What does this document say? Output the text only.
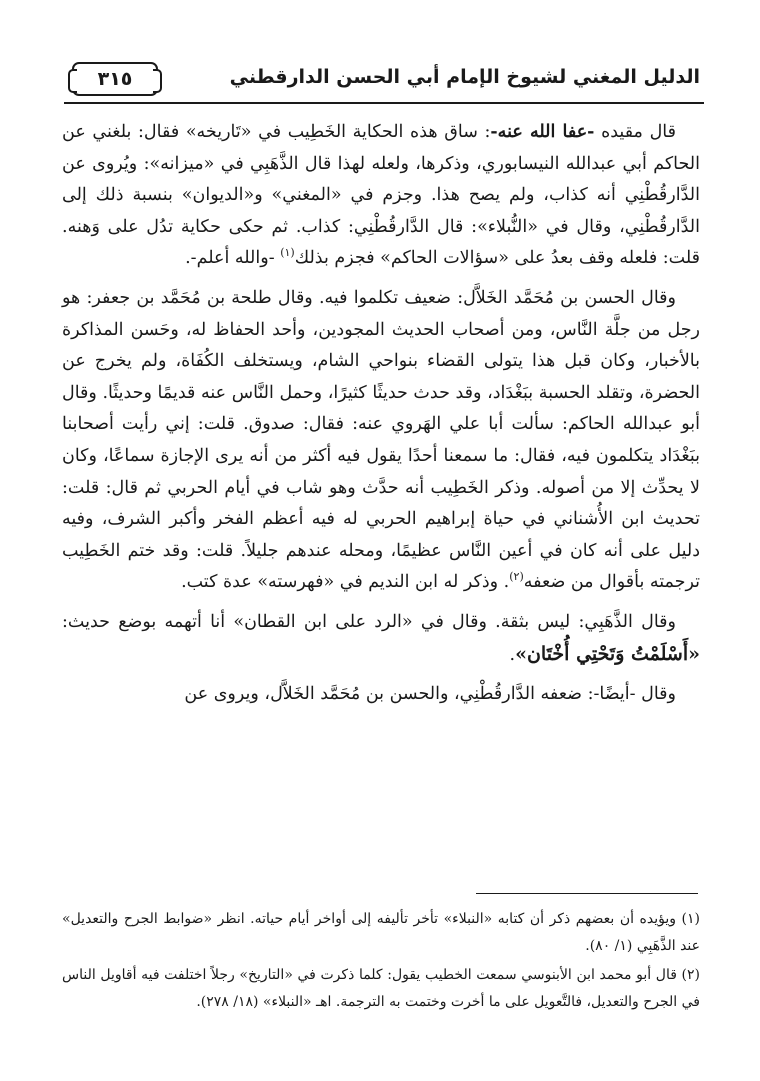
الدليل المغني لشيوخ الإمام أبي الحسن الدارقطني
٣١٥

قال مقيده -عفا الله عنه-: ساق هذه الحكاية الخَطِيب في «تَاريخه» فقال: بلغني عن الحاكم أبي عبدالله النيسابوري، وذكرها، ولعله لهذا قال الذَّهَبِي في «ميزانه»: ويُروى عن الدَّارقُطْنِي أنه كذاب، ولم يصح هذا. وجزم في «المغني» و«الديوان» بنسبة ذلك إلى الدَّارقُطْنِي، وقال في «النُّبلاء»: قال الدَّارقُطْنِي: كذاب. ثم حكى حكاية تدُل على وَهنه. قلت: فلعله وقف بعدُ على «سؤالات الحاكم» فجزم بذلك$^{(١)}$ -والله أعلم-.

وقال الحسن بن مُحَمَّد الخَلاَّل: ضعيف تكلموا فيه. وقال طلحة بن مُحَمَّد بن جعفر: هو رجل من جلَّة النَّاس، ومن أصحاب الحديث المجودين، وأحد الحفاظ له، وحَسن المذاكرة بالأخبار، وكان قبل هذا يتولى القضاء بنواحي الشام، ويستخلف الكُفَاة، ولم يخرج عن الحضرة، وتقلد الحسبة ببَغْدَاد، وقد حدث حديثًا كثيرًا، وحمل النَّاس عنه قديمًا وحديثًا. وقال أبو عبدالله الحاكم: سألت أبا علي الهَروي عنه: فقال: صدوق. قلت: إني رأيت أصحابنا ببَغْدَاد يتكلمون فيه، فقال: ما سمعنا أحدًا يقول فيه أكثر من أنه يرى الإجازة سماعًا، وكان لا يحدِّث إلا من أصوله. وذكر الخَطِيب أنه حدَّث وهو شاب في أيام الحربي ثم قال: قلت: تحديث ابن الأُشناني في حياة إبراهيم الحربي له فيه أعظم الفخر وأكبر الشرف، وفيه دليل على أنه كان في أعين النَّاس عظيمًا، ومحله عندهم جليلاً. قلت: وقد ختم الخَطِيب ترجمته بأقوال من ضعفه$^{(٢)}$. وذكر له ابن النديم في «فهرسته» عدة كتب.

وقال الذَّهَبِي: ليس بثقة. وقال في «الرد على ابن القطان» أنا أتهمه بوضع حديث: «أَسْلَمْتُ وَتَحْتِي أُخْتَان».

وقال -أيضًا-: ضعفه الدَّارقُطْنِي، والحسن بن مُحَمَّد الخَلاَّل، ويروى عن

(١) ويؤيده أن بعضهم ذكر أن كتابه «النبلاء» تأخر تأليفه إلى أواخر أيام حياته. انظر «ضوابط الجرح والتعديل» عند الذَّهَبِي (١/ ٨٠).

(٢) قال أبو محمد ابن الأبنوسي سمعت الخطيب يقول: كلما ذكرت في «التاريخ» رجلاً اختلفت فيه أقاويل الناس في الجرح والتعديل، فالتَّعويل على ما أخرت وختمت به الترجمة. اهـ «النبلاء» (١٨/ ٢٧٨).
